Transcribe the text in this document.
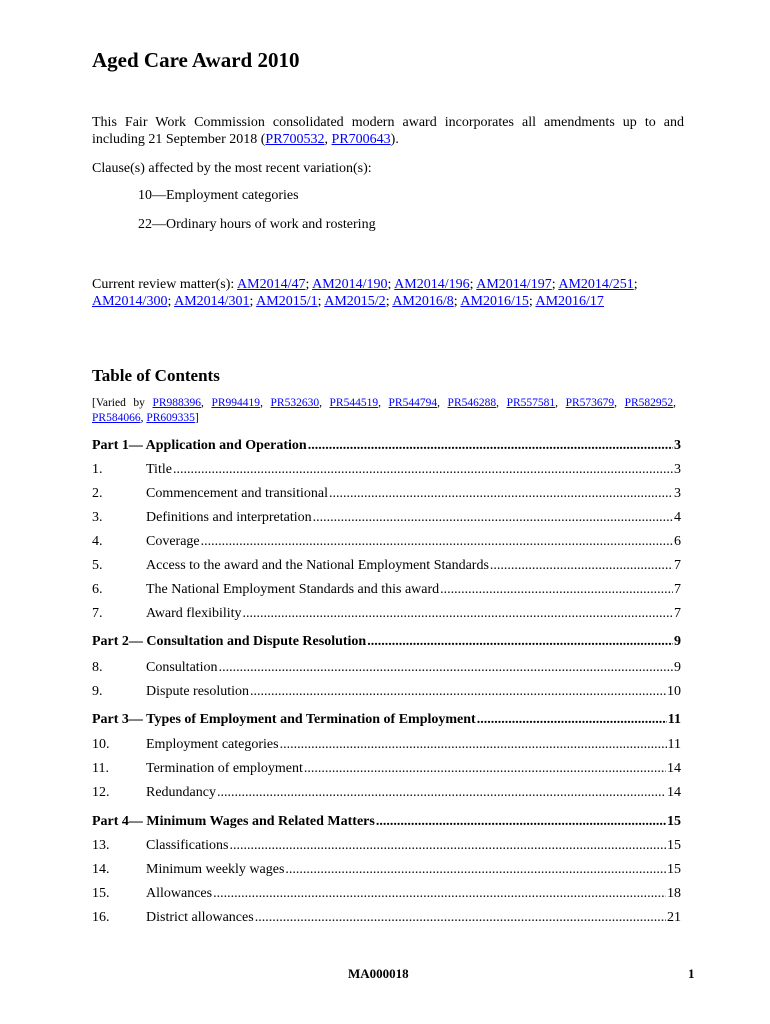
Aged Care Award 2010
This Fair Work Commission consolidated modern award incorporates all amendments up to and including 21 September 2018 (PR700532, PR700643).
Clause(s) affected by the most recent variation(s):
10—Employment categories
22—Ordinary hours of work and rostering
Current review matter(s): AM2014/47; AM2014/190; AM2014/196; AM2014/197; AM2014/251; AM2014/300; AM2014/301; AM2015/1; AM2015/2; AM2016/8; AM2016/15; AM2016/17
Table of Contents
[Varied by PR988396, PR994419, PR532630, PR544519, PR544794, PR546288, PR557581, PR573679, PR582952, PR584066, PR609335]
Part 1— Application and Operation .....	3
1.	Title .....	3
2.	Commencement and transitional .....	3
3.	Definitions and interpretation .....	4
4.	Coverage .....	6
5.	Access to the award and the National Employment Standards .....	7
6.	The National Employment Standards and this award .....	7
7.	Award flexibility .....	7
Part 2— Consultation and Dispute Resolution .....	9
8.	Consultation .....	9
9.	Dispute resolution .....	10
Part 3— Types of Employment and Termination of Employment .....	11
10.	Employment categories .....	11
11.	Termination of employment .....	14
12.	Redundancy .....	14
Part 4— Minimum Wages and Related Matters .....	15
13.	Classifications .....	15
14.	Minimum weekly wages .....	15
15.	Allowances .....	18
16.	District allowances .....	21
MA000018	1
